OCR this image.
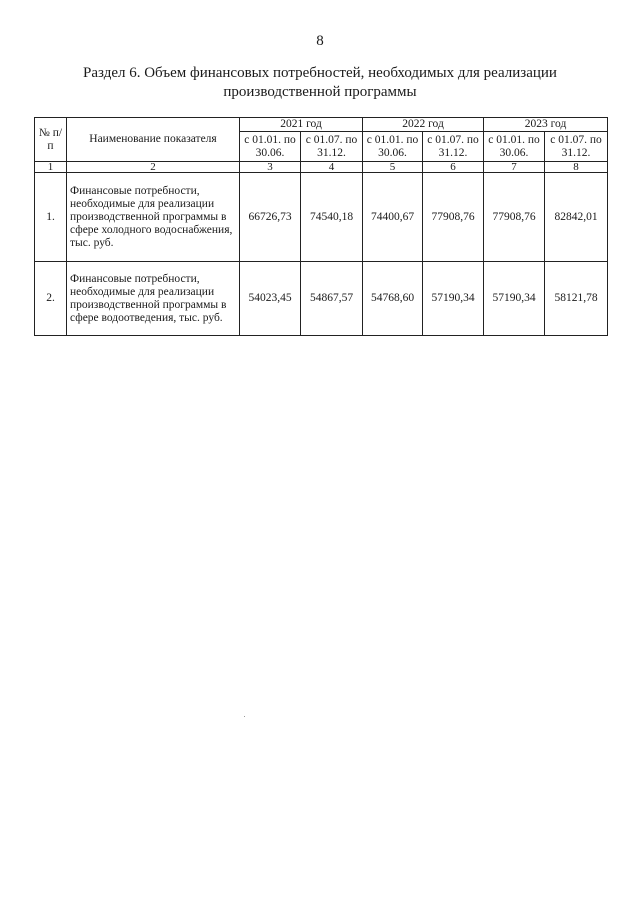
8
Раздел 6. Объем финансовых потребностей, необходимых для реализации
производственной программы
№ п/п	Наименование показателя	2021 год		2022 год		2023 год	
		с 01.01. по 30.06.	с 01.07. по 31.12.	с 01.01. по 30.06.	с 01.07. по 31.12.	с 01.01. по 30.06.	с 01.07. по 31.12.
1	2	3	4	5	6	7	8
1.	Финансовые потребности, необходимые для реализации производственной программы в сфере холодного водоснабжения, тыс. руб.	66726,73	74540,18	74400,67	77908,76	77908,76	82842,01
2.	Финансовые потребности, необходимые для реализации производственной программы в сфере водоотведения, тыс. руб.	54023,45	54867,57	54768,60	57190,34	57190,34	58121,78
